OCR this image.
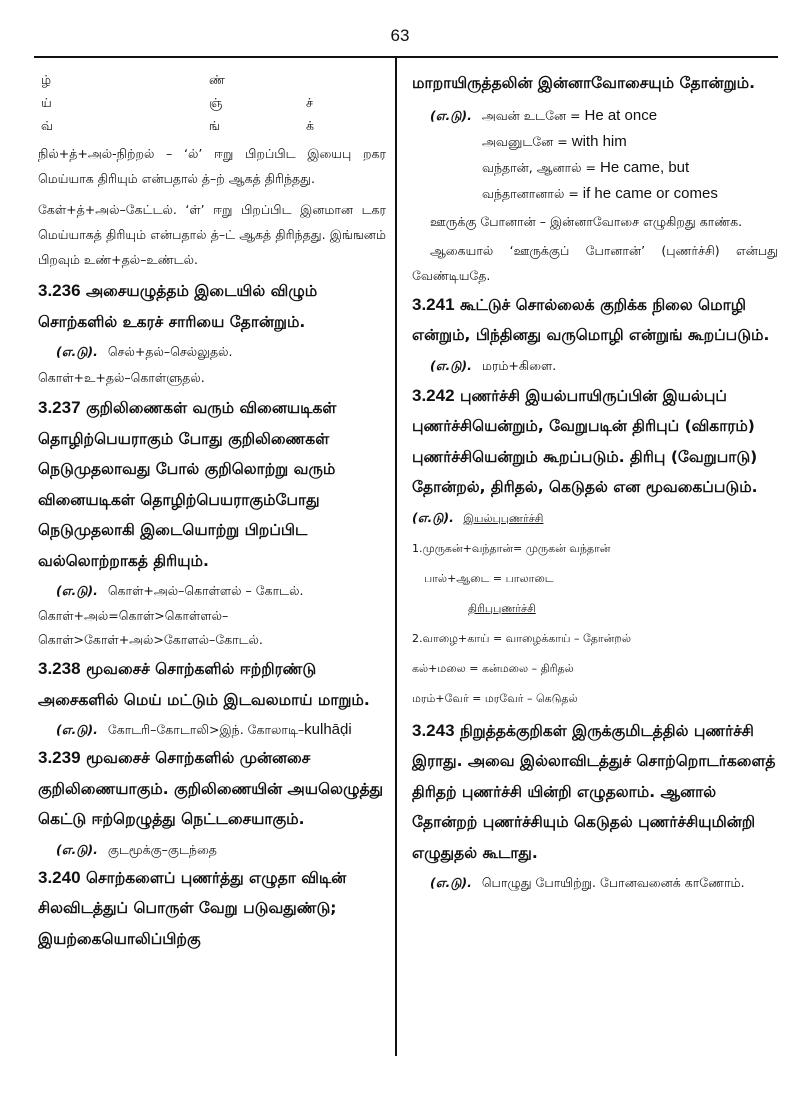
63
ழ்	ண்
ய்	ஞ்	ச்
வ்	ங்	க்

நில்+த்+அல்-நிற்றல் – ‘ல்’ ஈறு பிறப்பிட இயைபு றகர மெய்யாக திரியும் என்பதால் த்–ற் ஆகத் திரிந்தது.

கேள்+த்+அல்–கேட்டல். ‘ள்’ ஈறு பிறப்பிட இனமான டகர மெய்யாகத் திரியும் என்பதால் த்–ட் ஆகத் திரிந்தது. இங்ஙனம் பிறவும் உண்+தல்–உண்டல்.

3.236 அசையழுத்தம் இடையில் விழும் சொற்களில் உகரச் சாரியை தோன்றும்.

(எ.டு). செல்+தல்–செல்லுதல்.

கொள்+உ+தல்–கொள்ளுதல்.

3.237 குறிலிணைகள் வரும் வினையடிகள் தொழிற்பெயராகும் போது குறிலிணைகள் நெடுமுதலாவது போல் குறிலொற்று வரும் வினையடிகள் தொழிற்பெயராகும்போது நெடுமுதலாகி இடையொற்று பிறப்பிட வல்லொற்றாகத் திரியும்.

(எ.டு). கொள்+அல்–கொள்ளல் – கோடல்.

கொள்+அல்=கொள்>கொள்ளல்–கொள்>கோள்+அல்>கோளல்–கோடல்.

3.238 மூவசைச் சொற்களில் ஈற்றிரண்டு அசைகளில் மெய் மட்டும் இடவலமாய் மாறும்.

(எ.டு). கோடரி–கோடாலி>இந். கோலாடி–kulhāḍi

3.239 மூவசைச் சொற்களில் முன்னசை குறிலிணையாகும். குறிலிணையின் அயலெழுத்து கெட்டு ஈற்றெழுத்து நெட்டசையாகும்.

(எ.டு). குடமூக்கு–குடந்தை

3.240 சொற்களைப் புணர்த்து எழுதா விடின் சிலவிடத்துப் பொருள் வேறு படுவதுண்டு; இயற்கையொலிப்பிற்கு

மாறாயிருத்தலின் இன்னாவோசையும் தோன்றும்.

(எ.டு). அவன் உடனே = He at once

அவனுடனே = with him

வந்தான், ஆனால் = He came, but

வந்தானானால் = if he came or comes

ஊருக்கு போனான் – இன்னாவோசை எழுகிறது காண்க.

ஆகையால் ‘ஊருக்குப் போனான்’ (புணர்ச்சி) என்பது வேண்டியதே.

3.241 கூட்டுச் சொல்லைக் குறிக்க நிலை மொழி என்றும், பிந்தினது வருமொழி என்றுங் கூறப்படும்.

(எ.டு). மரம்+கிளை.

3.242 புணர்ச்சி இயல்பாயிருப்பின் இயல்புப் புணர்ச்சியென்றும், வேறுபடின் திரிபுப் (விகாரம்) புணர்ச்சியென்றும் கூறப்படும். திரிபு (வேறுபாடு) தோன்றல், திரிதல், கெடுதல் என மூவகைப்படும்.

(எ.டு). இயல்புபுணர்ச்சி

1.முருகன்+வந்தான்= முருகன் வந்தான்

பால்+ஆடை = பாலாடை

திரிபுபுணர்ச்சி

2.வாழை+காய் = வாழைக்காய் – தோன்றல்

கல்+மலை = கன்மலை – திரிதல்

மரம்+வேர் = மரவேர் – கெடுதல்

3.243 நிறுத்தக்குறிகள் இருக்குமிடத்தில் புணர்ச்சி இராது. அவை இல்லாவிடத்துச் சொற்றொடர்களைத் திரிதற் புணர்ச்சி யின்றி எழுதலாம். ஆனால் தோன்றற் புணர்ச்சியும் கெடுதல் புணர்ச்சியுமின்றி எழுதுதல் கூடாது.

(எ.டு). பொழுது போயிற்று. போனவனைக் காணோம்.
